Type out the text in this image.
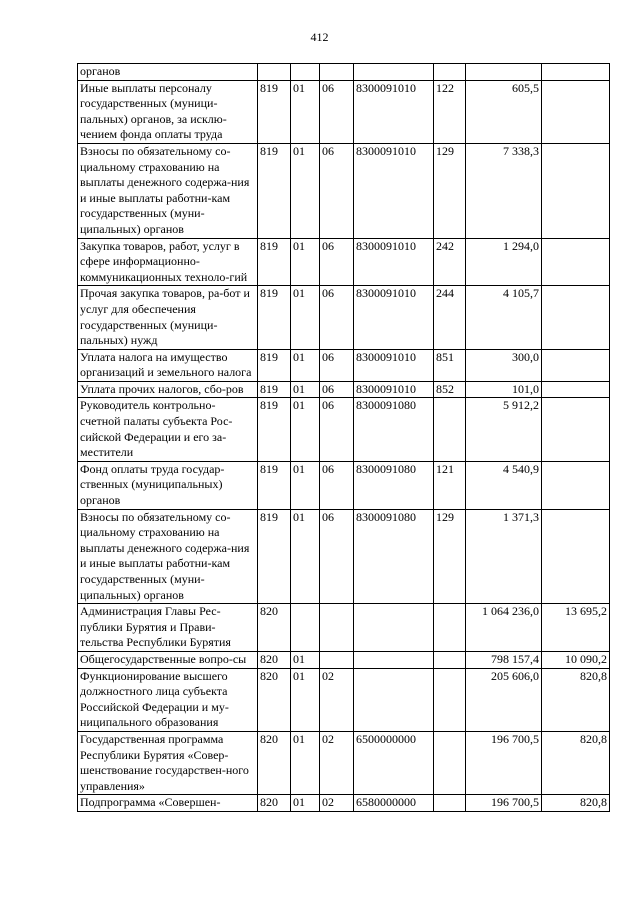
412
органов							
Иные выплаты персоналу государственных (муници-пальных) органов, за исклю-чением фонда оплаты труда	819	01	06	8300091010	122	605,5	
Взносы по обязательному со-циальному страхованию на выплаты денежного содержа-ния и иные выплаты работни-кам государственных (муни-ципальных) органов	819	01	06	8300091010	129	7 338,3	
Закупка товаров, работ, услуг в сфере информационно-коммуникационных техноло-гий	819	01	06	8300091010	242	1 294,0	
Прочая закупка товаров, ра-бот и услуг для обеспечения государственных (муници-пальных) нужд	819	01	06	8300091010	244	4 105,7	
Уплата налога на имущество организаций и земельного налога	819	01	06	8300091010	851	300,0	
Уплата прочих налогов, сбо-ров	819	01	06	8300091010	852	101,0	
Руководитель контрольно-счетной палаты субъекта Рос-сийской Федерации и его за-местители	819	01	06	8300091080		5 912,2	
Фонд оплаты труда государ-ственных (муниципальных) органов	819	01	06	8300091080	121	4 540,9	
Взносы по обязательному со-циальному страхованию на выплаты денежного содержа-ния и иные выплаты работни-кам государственных (муни-ципальных) органов	819	01	06	8300091080	129	1 371,3	
Администрация Главы Рес-публики Бурятия и Прави-тельства Республики Бурятия	820					1 064 236,0	13 695,2
Общегосударственные вопро-сы	820	01				798 157,4	10 090,2
Функционирование высшего должностного лица субъекта Российской Федерации и му-ниципального образования	820	01	02			205 606,0	820,8
Государственная программа Республики Бурятия «Совер-шенствование государствен-ного управления»	820	01	02	6500000000		196 700,5	820,8
Подпрограмма «Совершен-	820	01	02	6580000000		196 700,5	820,8
